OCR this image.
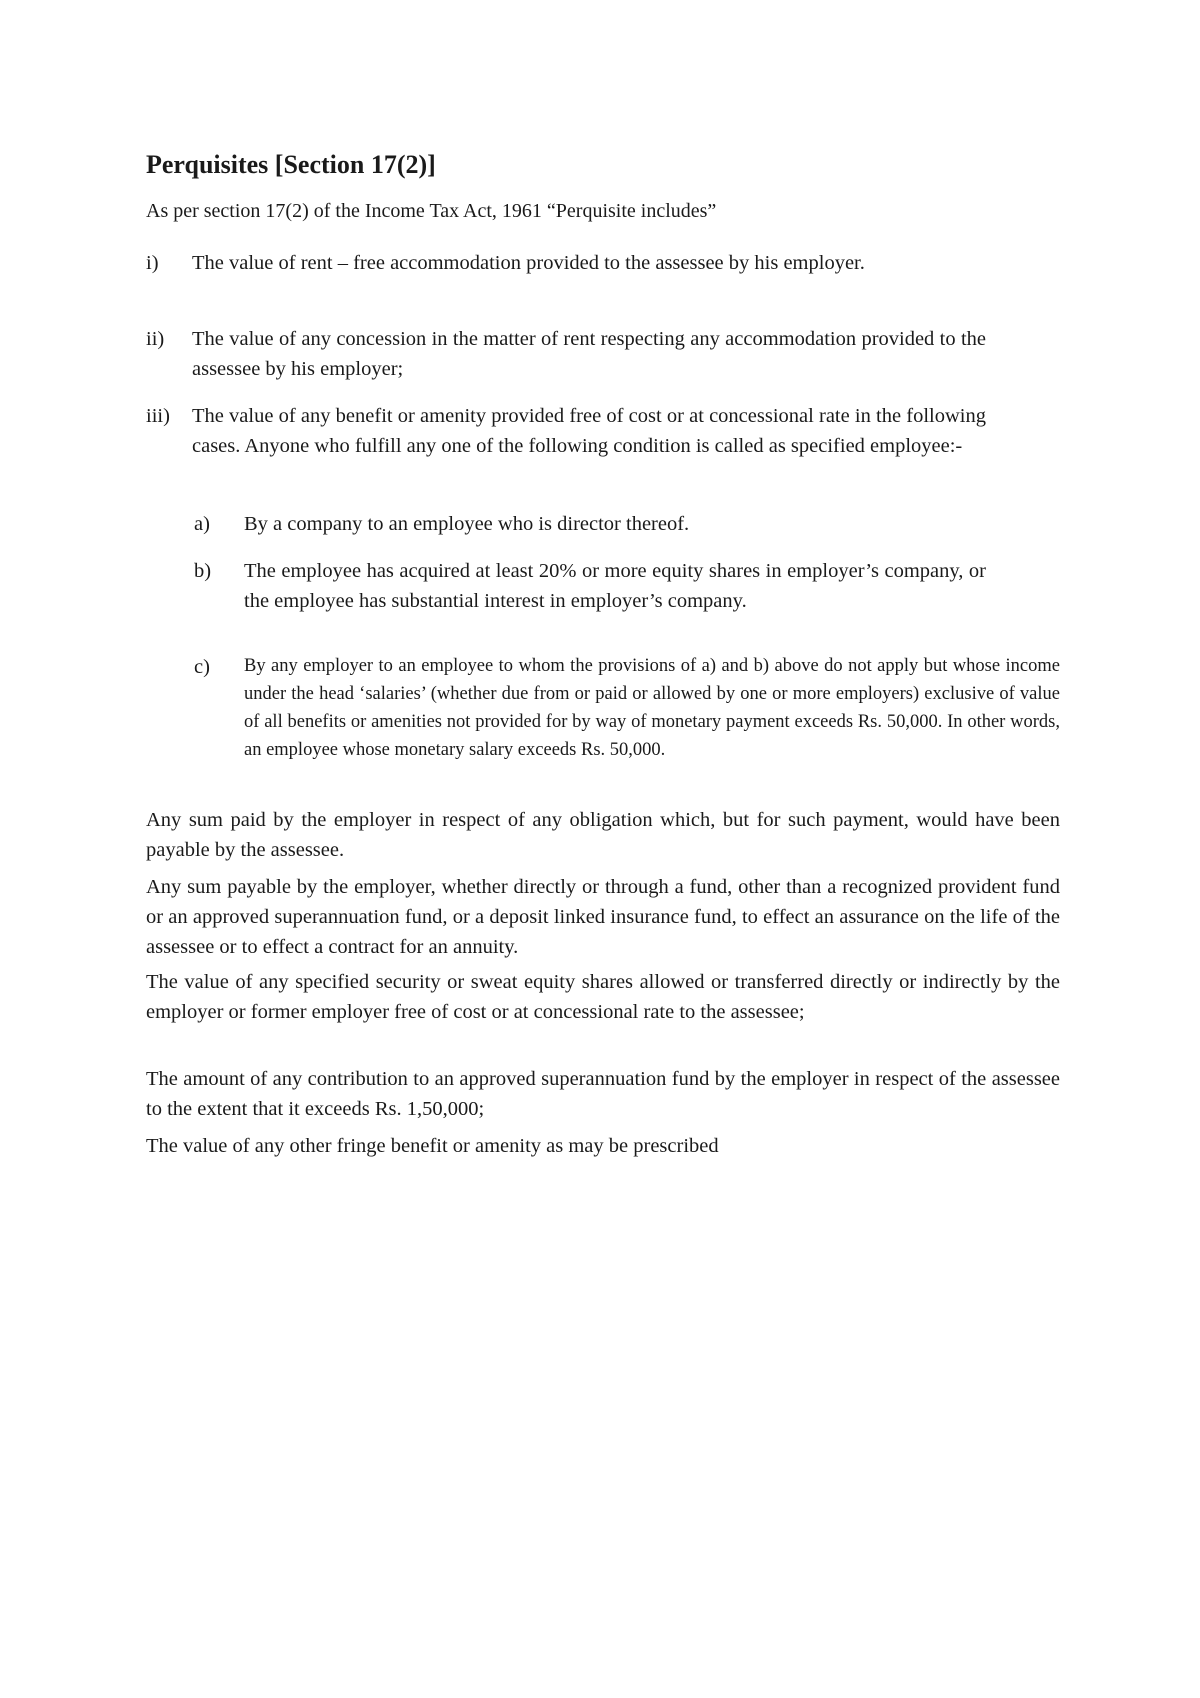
Perquisites [Section 17(2)]
As per section 17(2) of the Income Tax Act, 1961 “Perquisite includes”
i) The value of rent – free accommodation provided to the assessee by his employer.
ii) The value of any concession in the matter of rent respecting any accommodation provided to the assessee by his employer;
iii) The value of any benefit or amenity provided free of cost or at concessional rate in the following cases. Anyone who fulfill any one of the following condition is called as specified employee:-
a) By a company to an employee who is director thereof.
b) The employee has acquired at least 20% or more equity shares in employer’s company, or the employee has substantial interest in employer’s company.
c) By any employer to an employee to whom the provisions of a) and b) above do not apply but whose income under the head ‘salaries’ (whether due from or paid or allowed by one or more employers) exclusive of value of all benefits or amenities not provided for by way of monetary payment exceeds Rs. 50,000. In other words, an employee whose monetary salary exceeds Rs. 50,000.
Any sum paid by the employer in respect of any obligation which, but for such payment, would have been payable by the assessee.
Any sum payable by the employer, whether directly or through a fund, other than a recognized provident fund or an approved superannuation fund, or a deposit linked insurance fund, to effect an assurance on the life of the assessee or to effect a contract for an annuity.
The value of any specified security or sweat equity shares allowed or transferred directly or indirectly by the employer or former employer free of cost or at concessional rate to the assessee;
The amount of any contribution to an approved superannuation fund by the employer in respect of the assessee to the extent that it exceeds Rs. 1,50,000;
The value of any other fringe benefit or amenity as may be prescribed
